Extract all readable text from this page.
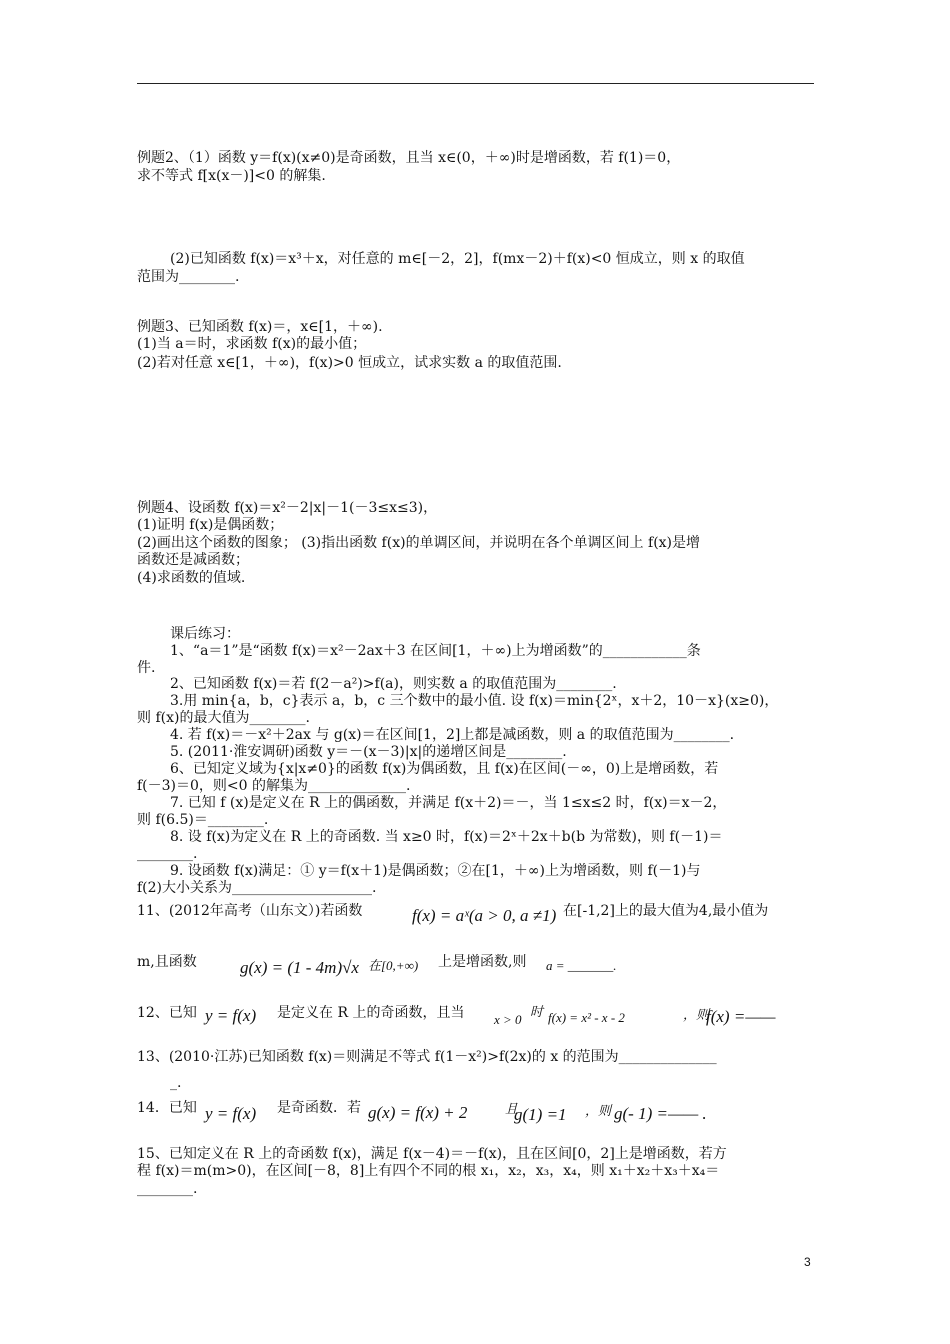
例题2、（1）函数 y＝f(x)(x≠0)是奇函数，且当 x∈(0，＋∞)时是增函数，若 f(1)＝0，
求不等式 f[x(x－)]<0 的解集.
(2)已知函数 f(x)＝x³＋x，对任意的 m∈[－2，2]，f(mx－2)＋f(x)<0 恒成立，则 x 的取值
范围为________.
例题3、已知函数 f(x)＝，x∈[1，＋∞).
(1)当 a＝时，求函数 f(x)的最小值；
(2)若对任意 x∈[1，＋∞)，f(x)>0 恒成立，试求实数 a 的取值范围.
例题4、设函数 f(x)＝x²－2|x|－1(－3≤x≤3)，
(1)证明 f(x)是偶函数；
(2)画出这个函数的图象； (3)指出函数 f(x)的单调区间，并说明在各个单调区间上 f(x)是增
函数还是减函数；
(4)求函数的值域.
课后练习：
1、“a＝1”是“函数 f(x)＝x²－2ax＋3 在区间[1，＋∞)上为增函数”的____________条
件.
2、已知函数 f(x)＝若 f(2－a²)>f(a)，则实数 a 的取值范围为________.
3.用 min{a，b，c}表示 a，b，c 三个数中的最小值. 设 f(x)＝min{2ˣ，x＋2，10－x}(x≥0)，
则 f(x)的最大值为________.
4. 若 f(x)＝－x²＋2ax 与 g(x)＝在区间[1，2]上都是减函数，则 a 的取值范围为________.
5. (2011·淮安调研)函数 y＝－(x－3)|x|的递增区间是________.
6、已知定义域为{x|x≠0}的函数 f(x)为偶函数，且 f(x)在区间(－∞，0)上是增函数，若
f(－3)＝0，则<0 的解集为______________.
7. 已知 f (x)是定义在 R 上的偶函数，并满足 f(x＋2)＝－，当 1≤x≤2 时，f(x)＝x－2，
则 f(6.5)＝________.
8. 设 f(x)为定义在 R 上的奇函数. 当 x≥0 时，f(x)＝2ˣ＋2x＋b(b 为常数)，则 f(－1)＝
________.
9. 设函数 f(x)满足：① y＝f(x＋1)是偶函数；②在[1，＋∞)上为增函数，则 f(－1)与
f(2)大小关系为____________________.
11、(2012年高考（山东文）)若函数	在[-1,2]上的最大值为4,最小值为
m,且函数	上是增函数,则
12、已知	是定义在 R 上的奇函数，且当
13、(2010·江苏)已知函数 f(x)＝则满足不等式 f(1－x²)>f(2x)的 x 的范围为______________
_.
14．已知	是奇函数．若
15、已知定义在 R 上的奇函数 f(x)，满足 f(x－4)＝－f(x)，且在区间[0，2]上是增函数，若方
程 f(x)＝m(m>0)，在区间[－8，8]上有四个不同的根 x₁，x₂，x₃，x₄，则 x₁＋x₂＋x₃＋x₄＝
________.
f(x) = aˣ(a > 0, a ≠1)
g(x) = (1 - 4m)√x 在[0,+∞)	a = _______.
y = f(x)	时
x > 0 f(x) = x² - x - 2	，则
f(x) =——
y = f(x)	g(x) = f(x) + 2	且
g(1) =1 ，则 g(- 1) =—— .
3
